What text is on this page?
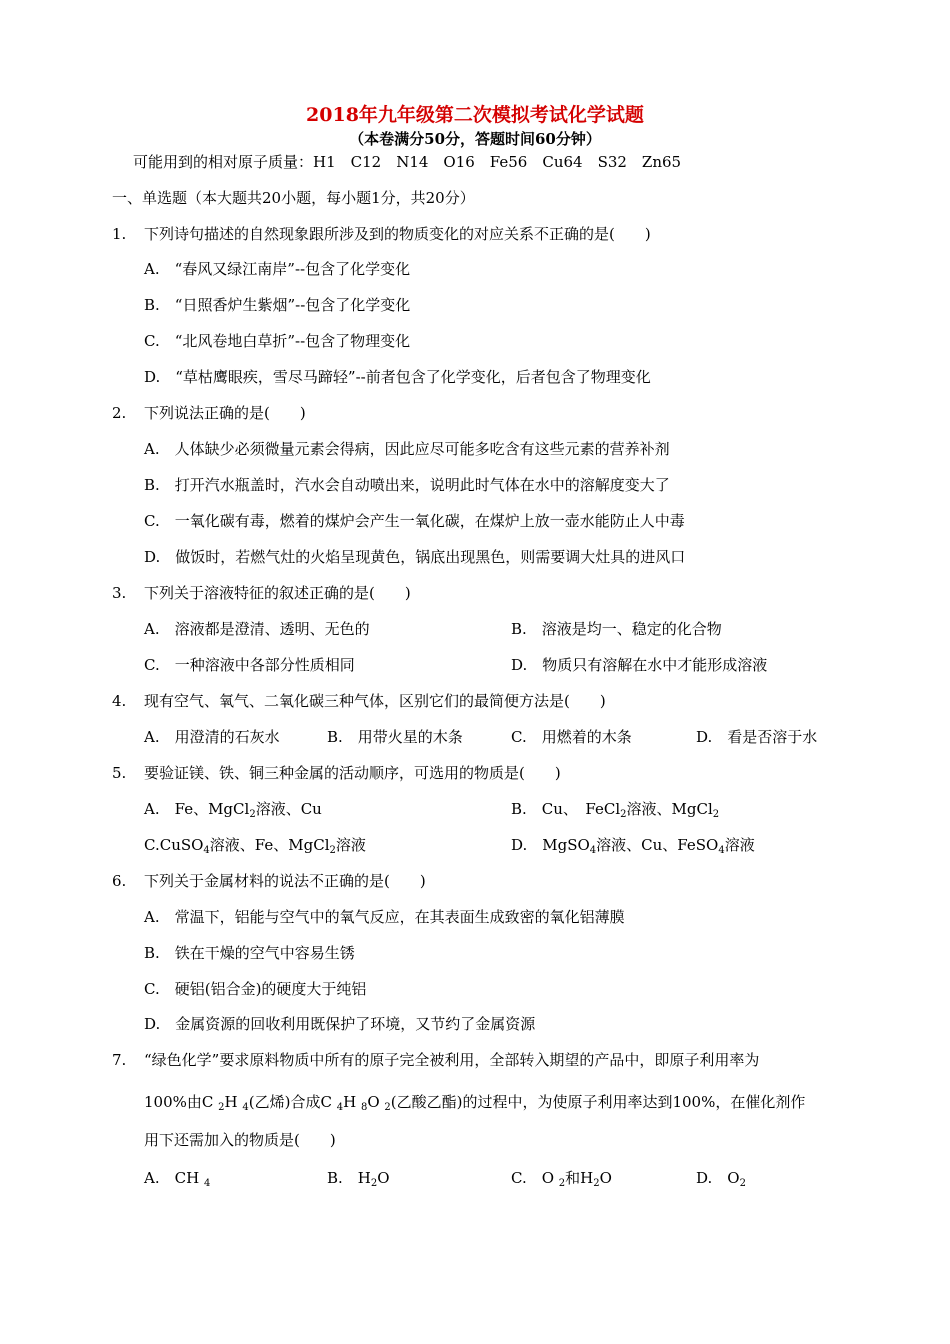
2018年九年级第二次模拟考试化学试题
（本卷满分50分，答题时间60分钟）
可能用到的相对原子质量：H1　C12　N14　O16　Fe56　Cu64　S32　Zn65
一、单选题（本大题共20小题，每小题1分，共20分）
1. 下列诗句描述的自然现象跟所涉及到的物质变化的对应关系不正确的是(　　)
A.　“春风又绿江南岸”--包含了化学变化
B.　“日照香炉生紫烟”--包含了化学变化
C.　“北风卷地白草折”--包含了物理变化
D.　“草枯鹰眼疾，雪尽马蹄轻”--前者包含了化学变化，后者包含了物理变化
2. 下列说法正确的是(　　)
A.　人体缺少必须微量元素会得病，因此应尽可能多吃含有这些元素的营养补剂
B.　打开汽水瓶盖时，汽水会自动喷出来，说明此时气体在水中的溶解度变大了
C.　一氧化碳有毒，燃着的煤炉会产生一氧化碳，在煤炉上放一壶水能防止人中毒
D.　做饭时，若燃气灶的火焰呈现黄色，锅底出现黑色，则需要调大灶具的进风口
3. 下列关于溶液特征的叙述正确的是(　　)
A.　溶液都是澄清、透明、无色的	B.　溶液是均一、稳定的化合物
C.　一种溶液中各部分性质相同	D.　物质只有溶解在水中才能形成溶液
4. 现有空气、氧气、二氧化碳三种气体，区别它们的最简便方法是(　　)
A.　用澄清的石灰水	B.　用带火星的木条	C.　用燃着的木条	D.　看是否溶于水
5. 要验证镁、铁、铜三种金属的活动顺序，可选用的物质是(　　)
A.　Fe、MgCl$_2$溶液、Cu	B.　Cu、　FeCl$_2$溶液、MgCl$_2$
C.CuSO$_4$溶液、Fe、MgCl$_2$溶液	D.　MgSO$_4$溶液、Cu、FeSO$_4$溶液
6. 下列关于金属材料的说法不正确的是(　　)
A.　常温下，铝能与空气中的氧气反应，在其表面生成致密的氧化铝薄膜
B.　铁在干燥的空气中容易生锈
C.　硬铝(铝合金)的硬度大于纯铝
D.　金属资源的回收利用既保护了环境，又节约了金属资源
7. “绿色化学”要求原料物质中所有的原子完全被利用，全部转入期望的产品中，即原子利用率为
100%由C $_2$H $_4$(乙烯)合成C $_4$H $_8$O $_2$(乙酸乙酯)的过程中，为使原子利用率达到100%，在催化剂作
用下还需加入的物质是(　　)
A.　CH $_4$	B.　$H_2O$	C.　O $_2$和$H_2O$	D.　$O_2$
